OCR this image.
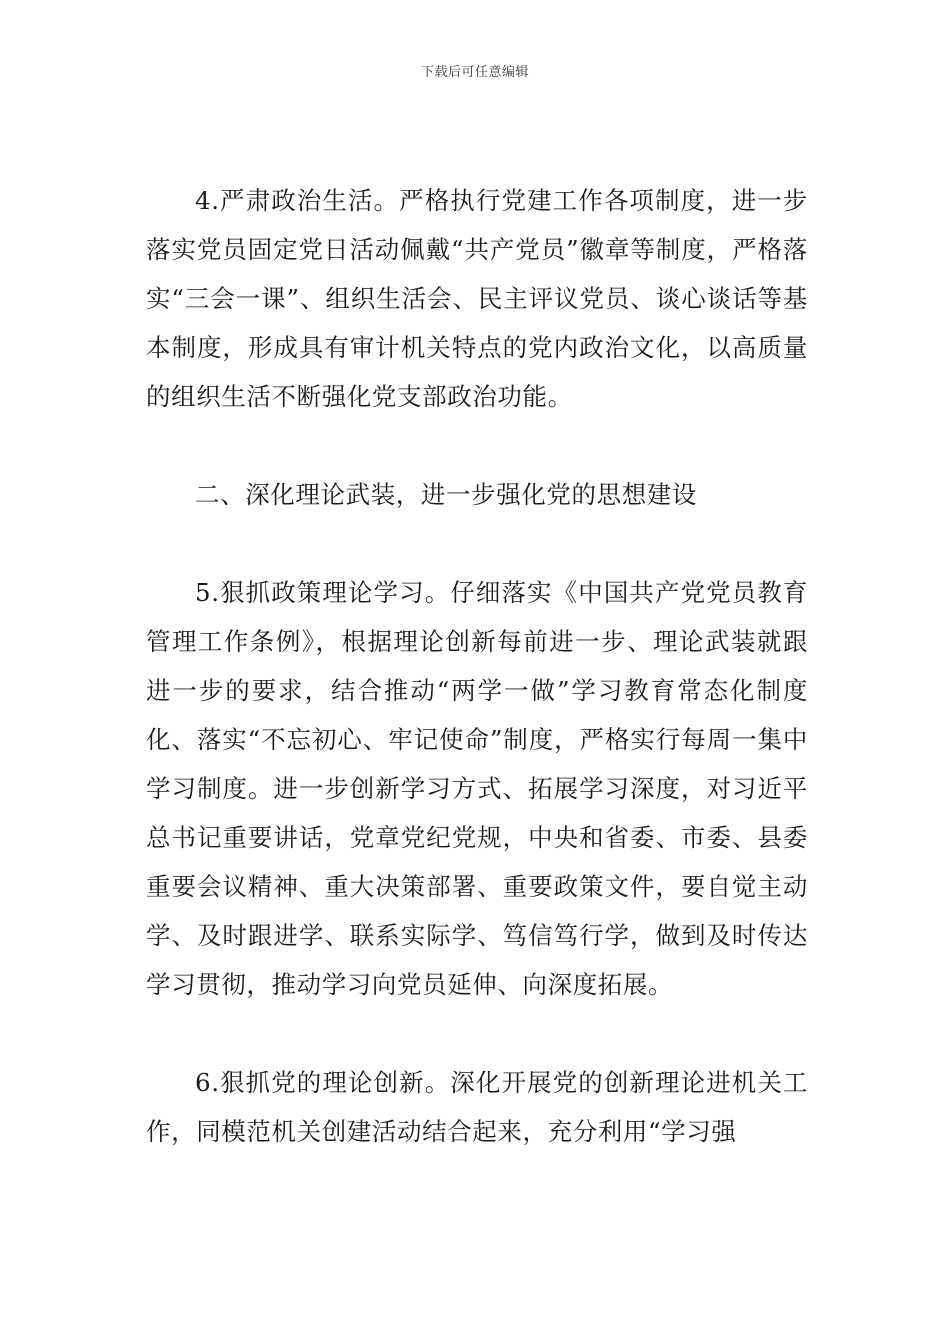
下载后可任意编辑

4.严肃政治生活。严格执行党建工作各项制度，进一步落实党员固定党日活动佩戴“共产党员”徽章等制度，严格落实“三会一课”、组织生活会、民主评议党员、谈心谈话等基本制度，形成具有审计机关特点的党内政治文化，以高质量的组织生活不断强化党支部政治功能。

二、深化理论武装，进一步强化党的思想建设

5.狠抓政策理论学习。仔细落实《中国共产党党员教育管理工作条例》，根据理论创新每前进一步、理论武装就跟进一步的要求，结合推动“两学一做”学习教育常态化制度化、落实“不忘初心、牢记使命”制度，严格实行每周一集中学习制度。进一步创新学习方式、拓展学习深度，对习近平总书记重要讲话，党章党纪党规，中央和省委、市委、县委重要会议精神、重大决策部署、重要政策文件，要自觉主动学、及时跟进学、联系实际学、笃信笃行学，做到及时传达学习贯彻，推动学习向党员延伸、向深度拓展。

6.狠抓党的理论创新。深化开展党的创新理论进机关工作，同模范机关创建活动结合起来，充分利用“学习强
